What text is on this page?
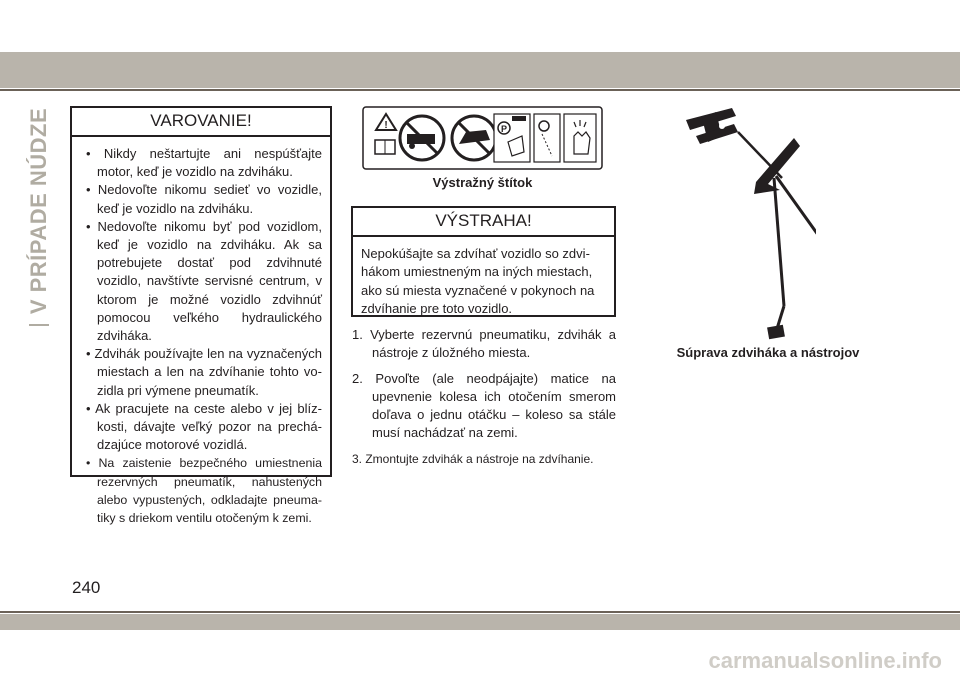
V PRÍPADE NÚDZE	VAROVANIE!
• Nikdy neštartujte ani nespúšťajte motor, keď je vozidlo na zdviháku.
• Nedovoľte nikomu sedieť vo vozidle, keď je vozidlo na zdviháku.
• Nedovoľte nikomu byť pod vozidlom, keď je vozidlo na zdviháku. Ak sa potrebujete dostať pod zdvihnuté vozidlo, navštívte servisné centrum, v ktorom je možné vozidlo zdvihnúť pomocou veľkého hydraulického zdviháka.
• Zdvihák používajte len na vyznačených miestach a len na zdvíhanie tohto vozidla pri výmene pneumatík.
• Ak pracujete na ceste alebo v jej blízkosti, dávajte veľký pozor na prechádzajúce motorové vozidlá.
• Na zaistenie bezpečného umiestnenia rezervných pneumatík, nahustených alebo vypustených, odkladajte pneumatiky s driekom ventilu otočeným k zemi.
!	P
Výstražný štítok
VÝSTRAHA!
Nepokúšajte sa zdvíhať vozidlo so zdvihákom umiestneným na iných miestach, ako sú miesta vyznačené v pokynoch na zdvíhanie pre toto vozidlo.
1. Vyberte rezervnú pneumatiku, zdvihák a nástroje z úložného miesta.
2. Povoľte (ale neodpájajte) matice na upevnenie kolesa ich otočením smerom doľava o jednu otáčku – koleso sa stále musí nachádzať na zemi.
3. Zmontujte zdvihák a nástroje na zdvíhanie.
Súprava zdviháka a nástrojov
240
carmanualsonline.info
